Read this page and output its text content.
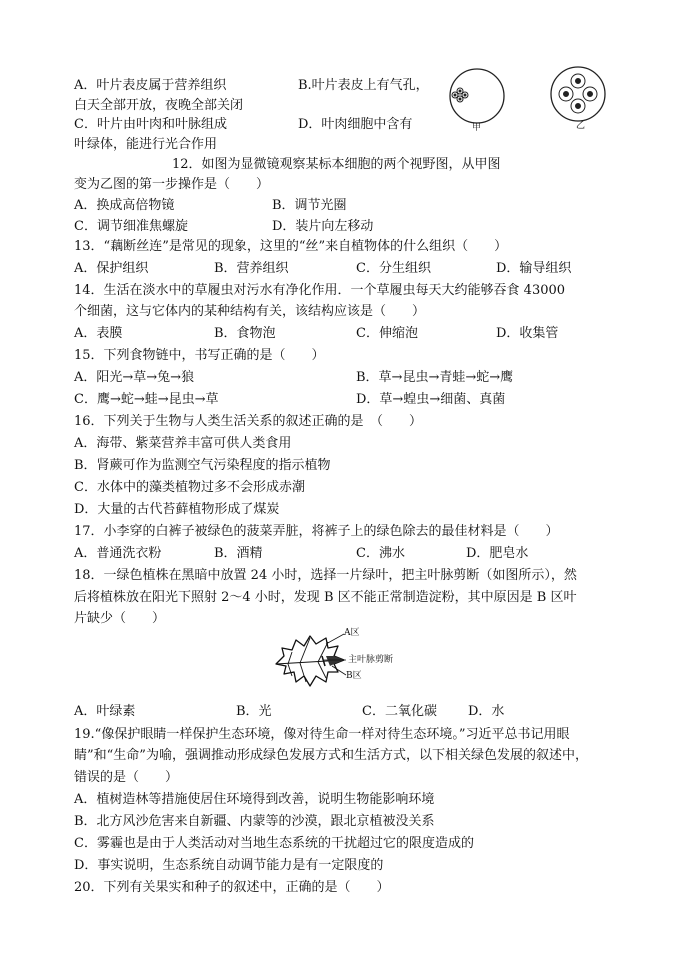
A．叶片表皮属于营养组织	B.叶片表皮上有气孔，
白天全部开放，夜晚全部关闭
C．叶片由叶肉和叶脉组成	D．叶肉细胞中含有
叶绿体，能进行光合作用
甲	乙
12．如图为显微镜观察某标本细胞的两个视野图，从甲图
变为乙图的第一步操作是（　　）
A．换成高倍物镜	B．调节光圈
C．调节细准焦螺旋	D．装片向左移动
13．“藕断丝连”是常见的现象，这里的“丝”来自植物体的什么组织（　　）
A．保护组织	B．营养组织	C．分生组织	D．输导组织
14．生活在淡水中的草履虫对污水有净化作用．一个草履虫每天大约能够吞食 43000
个细菌，这与它体内的某种结构有关，该结构应该是（　　）
A．表膜	B．食物泡	C．伸缩泡	D．收集管
15．下列食物链中，书写正确的是（　　）
A．阳光→草→兔→狼	B．草→昆虫→青蛙→蛇→鹰
C．鹰→蛇→蛙→昆虫→草	D．草→蝗虫→细菌、真菌
16．下列关于生物与人类生活关系的叙述正确的是　（　　）
A．海带、紫菜营养丰富可供人类食用
B．肾蕨可作为监测空气污染程度的指示植物
C．水体中的藻类植物过多不会形成赤潮
D．大量的古代苔藓植物形成了煤炭
17．小李穿的白裤子被绿色的菠菜弄脏，将裤子上的绿色除去的最佳材料是（　　）
A．普通洗衣粉	B．酒精	C．沸水	D．肥皂水
18．一绿色植株在黑暗中放置 24 小时，选择一片绿叶，把主叶脉剪断（如图所示），然
后将植株放在阳光下照射 2～4 小时，发现 B 区不能正常制造淀粉，其中原因是 B 区叶
片缺少（　　）
A区
主叶脉剪断
B区
A．叶绿素	B．光	C．二氧化碳 D．水
19.“像保护眼睛一样保护生态环境，像对待生命一样对待生态环境。”习近平总书记用眼
睛”和“生命”为喻，强调推动形成绿色发展方式和生活方式，以下相关绿色发展的叙述中，
错误的是（　　）
A．植树造林等措施使居住环境得到改善，说明生物能影响环境
B．北方风沙危害来自新疆、内蒙等的沙漠，跟北京植被没关系
C．雾霾也是由于人类活动对当地生态系统的干扰超过它的限度造成的
D．事实说明，生态系统自动调节能力是有一定限度的
20．下列有关果实和种子的叙述中，正确的是（　　）
